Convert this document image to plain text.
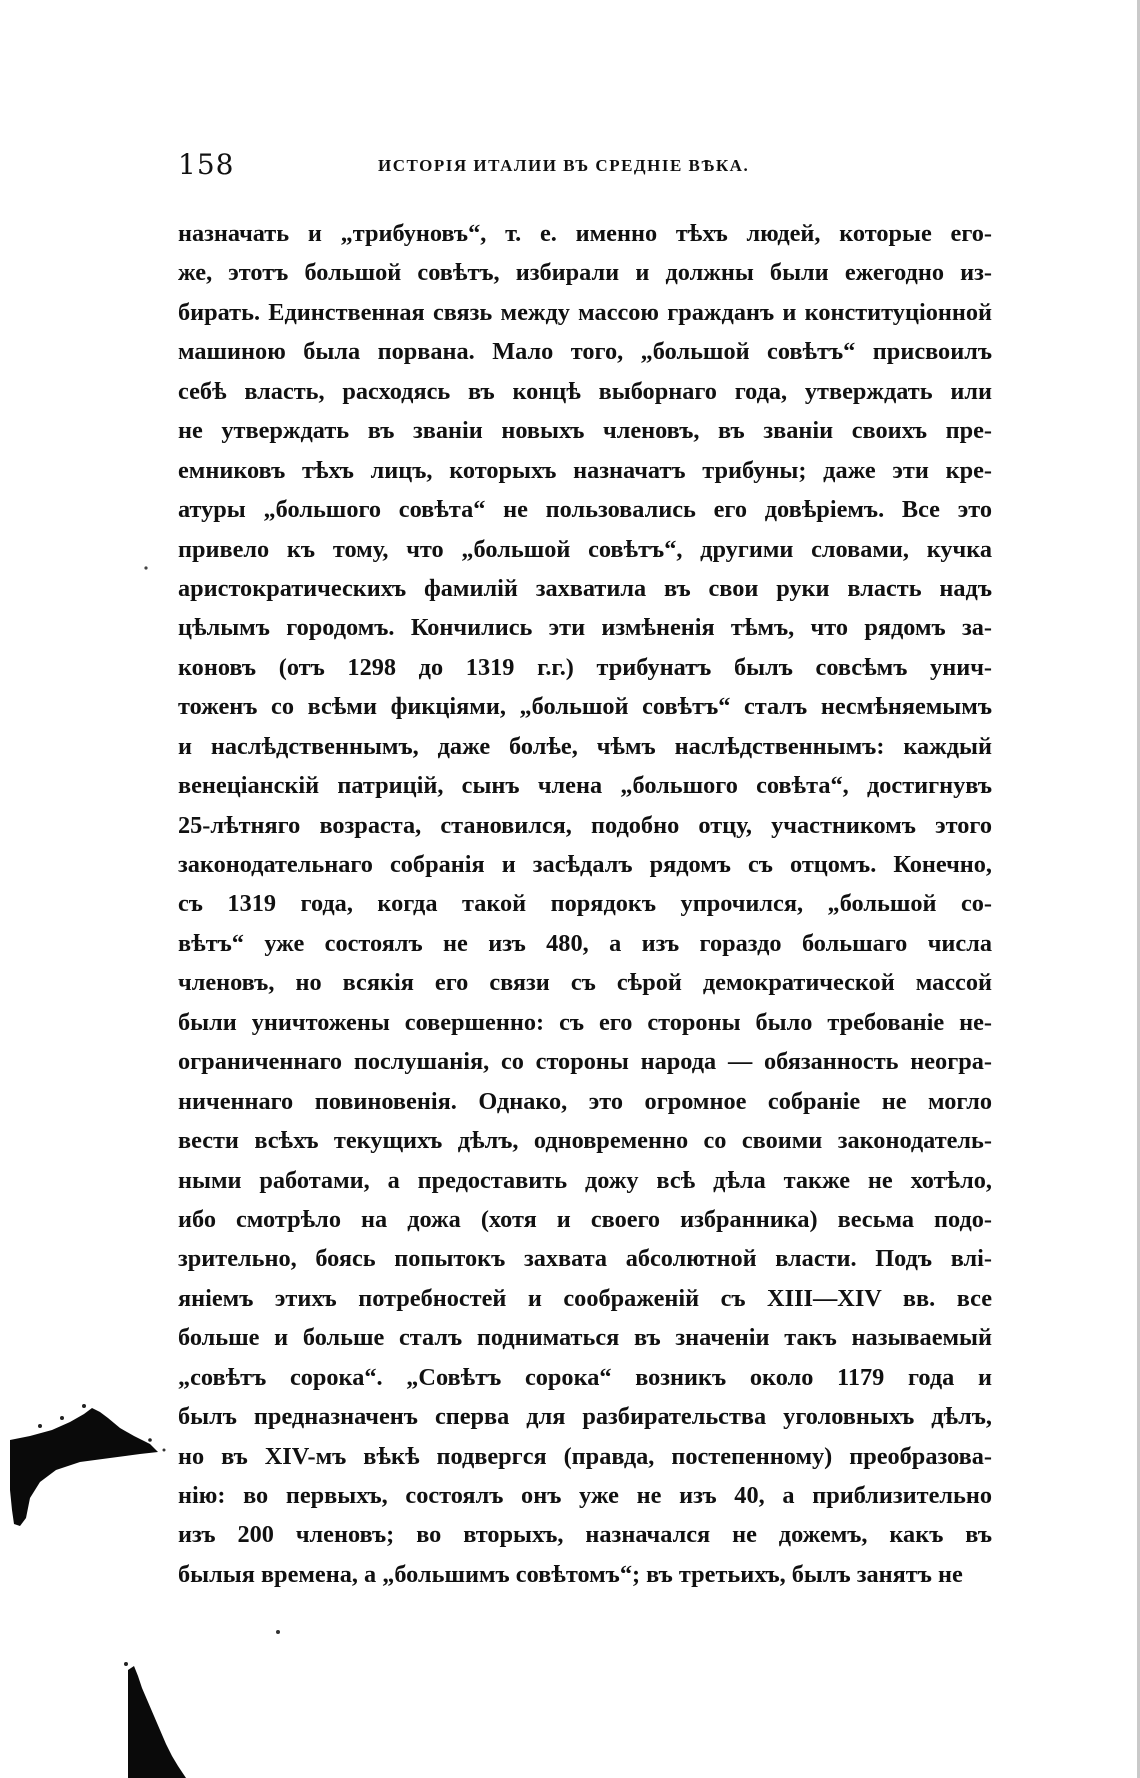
158	ИСТОРІЯ ИТАЛИИ ВЪ СРЕДНІЕ ВѢКА.
назначать и „трибуновъ“, т. е. именно тѣхъ людей, которые его-
же, этотъ большой совѣтъ, избирали и должны были ежегодно из-
бирать. Единственная связь между массою гражданъ и конституціонной
машиною была порвана. Мало того, „большой совѣтъ“ присвоилъ
себѣ власть, расходясь въ концѣ выборнаго года, утверждать или
не утверждать въ званіи новыхъ членовъ, въ званіи своихъ пре-
емниковъ тѣхъ лицъ, которыхъ назначатъ трибуны; даже эти кре-
атуры „большого совѣта“ не пользовались его довѣріемъ. Все это
привело къ тому, что „большой совѣтъ“, другими словами, кучка
аристократическихъ фамилій захватила въ свои руки власть надъ
цѣлымъ городомъ. Кончились эти измѣненія тѣмъ, что рядомъ за-
коновъ (отъ 1298 до 1319 г.г.) трибунатъ былъ совсѣмъ унич-
тоженъ со всѣми фикціями, „большой совѣтъ“ сталъ несмѣняемымъ
и наслѣдственнымъ, даже болѣе, чѣмъ наслѣдственнымъ: каждый
венеціанскій патрицій, сынъ члена „большого совѣта“, достигнувъ
25-лѣтняго возраста, становился, подобно отцу, участникомъ этого
законодательнаго собранія и засѣдалъ рядомъ съ отцомъ. Конечно,
съ 1319 года, когда такой порядокъ упрочился, „большой со-
вѣтъ“ уже состоялъ не изъ 480, а изъ гораздо большаго числа
членовъ, но всякія его связи съ сѣрой демократической массой
были уничтожены совершенно: съ его стороны было требованіе не-
ограниченнаго послушанія, со стороны народа — обязанность неогра-
ниченнаго повиновенія. Однако, это огромное собраніе не могло
вести всѣхъ текущихъ дѣлъ, одновременно со своими законодатель-
ными работами, а предоставить дожу всѣ дѣла также не хотѣло,
ибо смотрѣло на дожа (хотя и своего избранника) весьма подо-
зрительно, боясь попытокъ захвата абсолютной власти. Подъ влі-
яніемъ этихъ потребностей и соображеній съ XIII—XIV вв. все
больше и больше сталъ подниматься въ значеніи такъ называемый
„совѣтъ сорока“. „Совѣтъ сорока“ возникъ около 1179 года и
былъ предназначенъ сперва для разбирательства уголовныхъ дѣлъ,
но въ XIV-мъ вѣкѣ подвергся (правда, постепенному) преобразова-
нію: во первыхъ, состоялъ онъ уже не изъ 40, а приблизительно
изъ 200 членовъ; во вторыхъ, назначался не дожемъ, какъ въ
былыя времена, а „большимъ совѣтомъ“; въ третьихъ, былъ занятъ не
